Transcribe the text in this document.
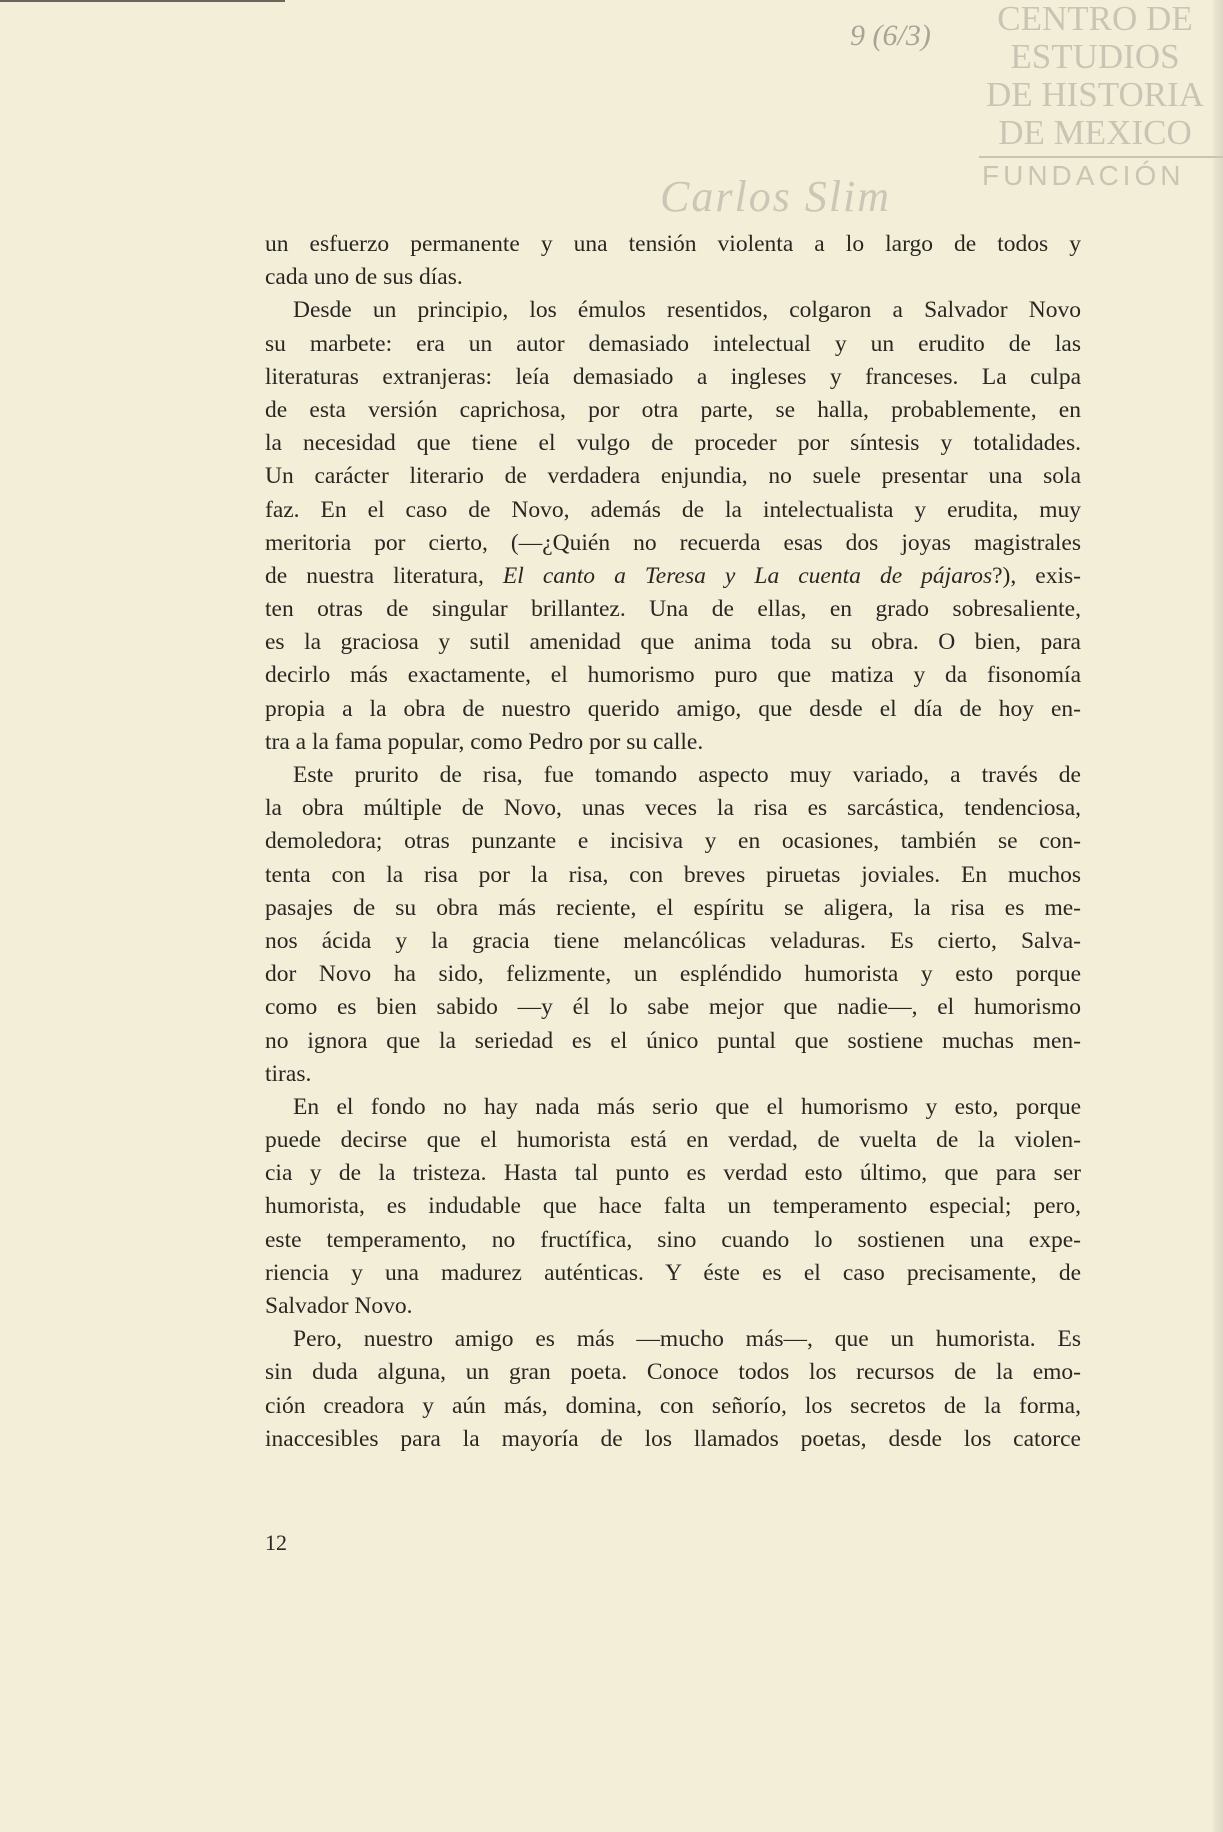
CENTRO DE
ESTUDIOS
DE HISTORIA
DE MEXICO
FUNDACIÓN
Carlos Slim
9 (6/3)
un esfuerzo permanente y una tensión violenta a lo largo de todos y
cada uno de sus días.
Desde un principio, los émulos resentidos, colgaron a Salvador Novo
su marbete: era un autor demasiado intelectual y un erudito de las
literaturas extranjeras: leía demasiado a ingleses y franceses. La culpa
de esta versión caprichosa, por otra parte, se halla, probablemente, en
la necesidad que tiene el vulgo de proceder por síntesis y totalidades.
Un carácter literario de verdadera enjundia, no suele presentar una sola
faz. En el caso de Novo, además de la intelectualista y erudita, muy
meritoria por cierto, (—¿Quién no recuerda esas dos joyas magistrales
de nuestra literatura, El canto a Teresa y La cuenta de pájaros?), exis-
ten otras de singular brillantez. Una de ellas, en grado sobresaliente,
es la graciosa y sutil amenidad que anima toda su obra. O bien, para
decirlo más exactamente, el humorismo puro que matiza y da fisonomía
propia a la obra de nuestro querido amigo, que desde el día de hoy en-
tra a la fama popular, como Pedro por su calle.
Este prurito de risa, fue tomando aspecto muy variado, a través de
la obra múltiple de Novo, unas veces la risa es sarcástica, tendenciosa,
demoledora; otras punzante e incisiva y en ocasiones, también se con-
tenta con la risa por la risa, con breves piruetas joviales. En muchos
pasajes de su obra más reciente, el espíritu se aligera, la risa es me-
nos ácida y la gracia tiene melancólicas veladuras. Es cierto, Salva-
dor Novo ha sido, felizmente, un espléndido humorista y esto porque
como es bien sabido —y él lo sabe mejor que nadie—, el humorismo
no ignora que la seriedad es el único puntal que sostiene muchas men-
tiras.
En el fondo no hay nada más serio que el humorismo y esto, porque
puede decirse que el humorista está en verdad, de vuelta de la violen-
cia y de la tristeza. Hasta tal punto es verdad esto último, que para ser
humorista, es indudable que hace falta un temperamento especial; pero,
este temperamento, no fructífica, sino cuando lo sostienen una expe-
riencia y una madurez auténticas. Y éste es el caso precisamente, de
Salvador Novo.
Pero, nuestro amigo es más —mucho más—, que un humorista. Es
sin duda alguna, un gran poeta. Conoce todos los recursos de la emo-
ción creadora y aún más, domina, con señorío, los secretos de la forma,
inaccesibles para la mayoría de los llamados poetas, desde los catorce
12
